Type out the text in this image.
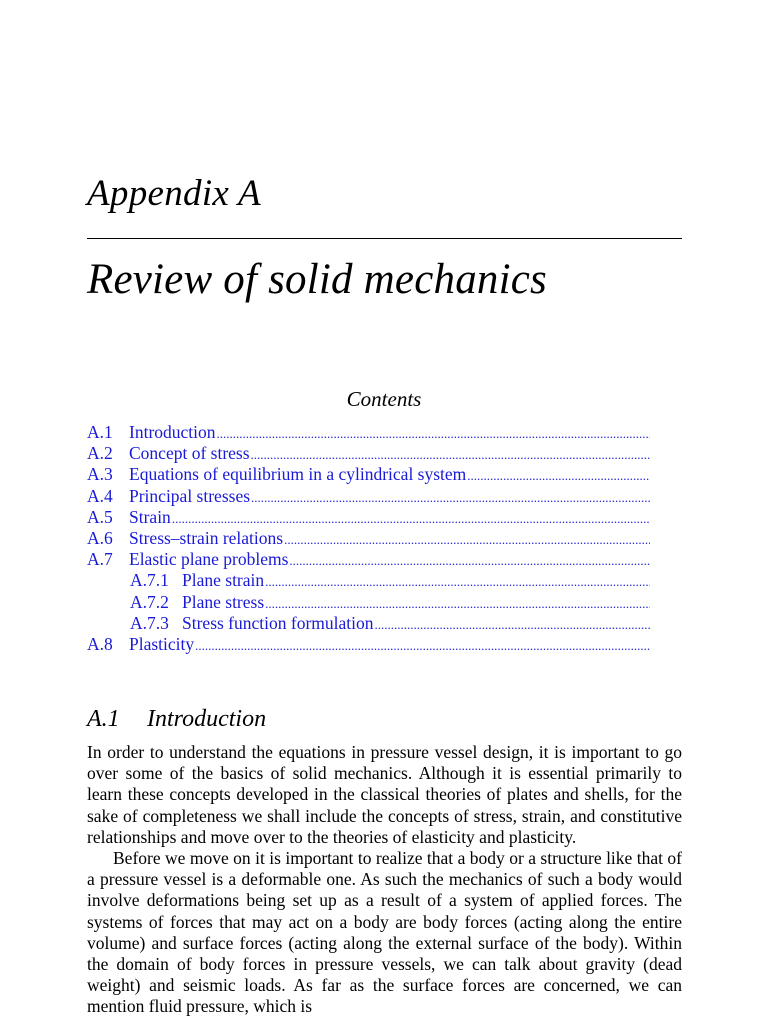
Appendix A
Review of solid mechanics
Contents
A.1 Introduction
.....
A.2 Concept of stress
.....
A.3 Equations of equilibrium in a cylindrical system
.....
A.4 Principal stresses
.....
A.5 Strain
.....
A.6 Stress–strain relations
.....
A.7 Elastic plane problems
.....
A.7.1 Plane strain
.....
A.7.2 Plane stress
.....
A.7.3 Stress function formulation
.....
A.8 Plasticity
.....
A.1 Introduction

In order to understand the equations in pressure vessel design, it is important to go over some of the basics of solid mechanics. Although it is essential primarily to learn these concepts developed in the classical theories of plates and shells, for the sake of completeness we shall include the concepts of stress, strain, and constitutive relationships and move over to the theories of elasticity and plasticity.

Before we move on it is important to realize that a body or a structure like that of a pressure vessel is a deformable one. As such the mechanics of such a body would involve deformations being set up as a result of a system of applied forces. The systems of forces that may act on a body are body forces (acting along the entire volume) and surface forces (acting along the external surface of the body). Within the domain of body forces in pressure vessels, we can talk about gravity (dead weight) and seismic loads. As far as the surface forces are concerned, we can mention fluid pressure, which is
